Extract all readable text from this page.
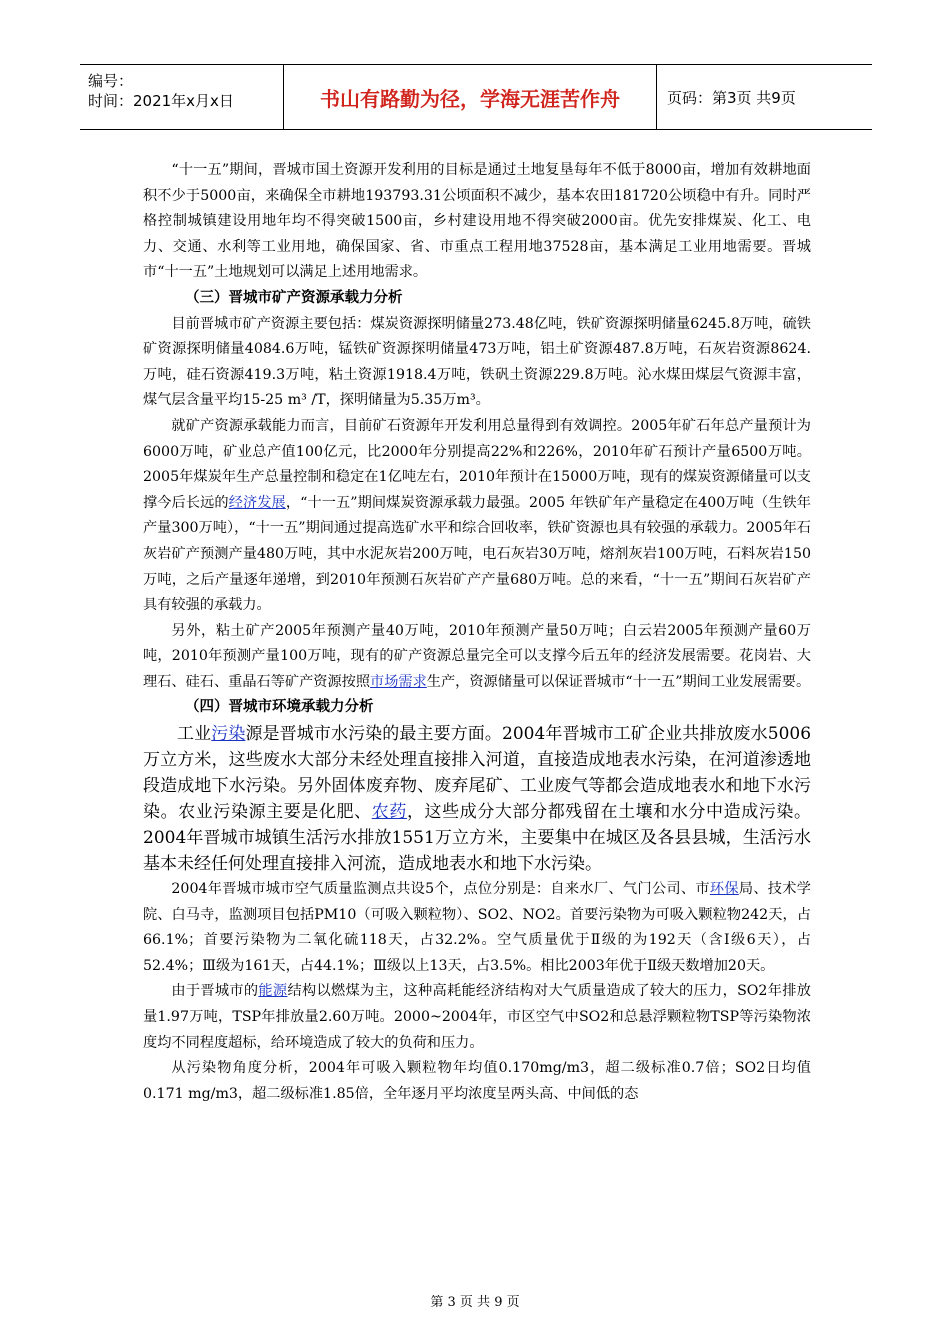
编号：
时间：2021年x月x日	书山有路勤为径，学海无涯苦作舟	页码：第3页 共9页

“十一五”期间，晋城市国土资源开发利用的目标是通过土地复垦每年不低于8000亩，增加有效耕地面积不少于5000亩，来确保全市耕地193793.31公顷面积不减少，基本农田181720公顷稳中有升。同时严格控制城镇建设用地年均不得突破1500亩，乡村建设用地不得突破2000亩。优先安排煤炭、化工、电力、交通、水利等工业用地，确保国家、省、市重点工程用地37528亩，基本满足工业用地需要。晋城市“十一五”土地规划可以满足上述用地需求。

（三）晋城市矿产资源承载力分析

目前晋城市矿产资源主要包括：煤炭资源探明储量273.48亿吨，铁矿资源探明储量6245.8万吨，硫铁矿资源探明储量4084.6万吨，锰铁矿资源探明储量473万吨，铝土矿资源487.8万吨，石灰岩资源8624.万吨，硅石资源419.3万吨，粘土资源1918.4万吨，铁矾土资源229.8万吨。沁水煤田煤层气资源丰富，煤气层含量平均15-25 m³ /T，探明储量为5.35万m³。

就矿产资源承载能力而言，目前矿石资源年开发利用总量得到有效调控。2005年矿石年总产量预计为6000万吨，矿业总产值100亿元，比2000年分别提高22%和226%，2010年矿石预计产量6500万吨。2005年煤炭年生产总量控制和稳定在1亿吨左右，2010年预计在15000万吨，现有的煤炭资源储量可以支撑今后长远的经济发展，“十一五”期间煤炭资源承载力最强。2005 年铁矿年产量稳定在400万吨（生铁年产量300万吨），“十一五”期间通过提高选矿水平和综合回收率，铁矿资源也具有较强的承载力。2005年石灰岩矿产预测产量480万吨，其中水泥灰岩200万吨，电石灰岩30万吨，熔剂灰岩100万吨，石料灰岩150万吨，之后产量逐年递增，到2010年预测石灰岩矿产产量680万吨。总的来看，“十一五”期间石灰岩矿产具有较强的承载力。

另外，粘土矿产2005年预测产量40万吨，2010年预测产量50万吨；白云岩2005年预测产量60万吨，2010年预测产量100万吨，现有的矿产资源总量完全可以支撑今后五年的经济发展需要。花岗岩、大理石、硅石、重晶石等矿产资源按照市场需求生产，资源储量可以保证晋城市“十一五”期间工业发展需要。

（四）晋城市环境承载力分析

工业污染源是晋城市水污染的最主要方面。2004年晋城市工矿企业共排放废水5006万立方米，这些废水大部分未经处理直接排入河道，直接造成地表水污染，在河道渗透地段造成地下水污染。另外固体废弃物、废弃尾矿、工业废气等都会造成地表水和地下水污染。农业污染源主要是化肥、农药，这些成分大部分都残留在土壤和水分中造成污染。2004年晋城市城镇生活污水排放1551万立方米，主要集中在城区及各县县城，生活污水基本未经任何处理直接排入河流，造成地表水和地下水污染。

2004年晋城市城市空气质量监测点共设5个，点位分别是：自来水厂、气门公司、市环保局、技术学院、白马寺，监测项目包括PM10（可吸入颗粒物）、SO2、NO2。首要污染物为可吸入颗粒物242天，占66.1%；首要污染物为二氧化硫118天，占32.2%。空气质量优于Ⅱ级的为192天（含Ⅰ级6天），占52.4%；Ⅲ级为161天，占44.1%；Ⅲ级以上13天，占3.5%。相比2003年优于Ⅱ级天数增加20天。

由于晋城市的能源结构以燃煤为主，这种高耗能经济结构对大气质量造成了较大的压力，SO2年排放量1.97万吨，TSP年排放量2.60万吨。2000~2004年，市区空气中SO2和总悬浮颗粒物TSP等污染物浓度均不同程度超标，给环境造成了较大的负荷和压力。

从污染物角度分析，2004年可吸入颗粒物年均值0.170mg/m3，超二级标准0.7倍；SO2日均值0.171 mg/m3，超二级标准1.85倍，全年逐月平均浓度呈两头高、中间低的态

第 3 页 共 9 页
